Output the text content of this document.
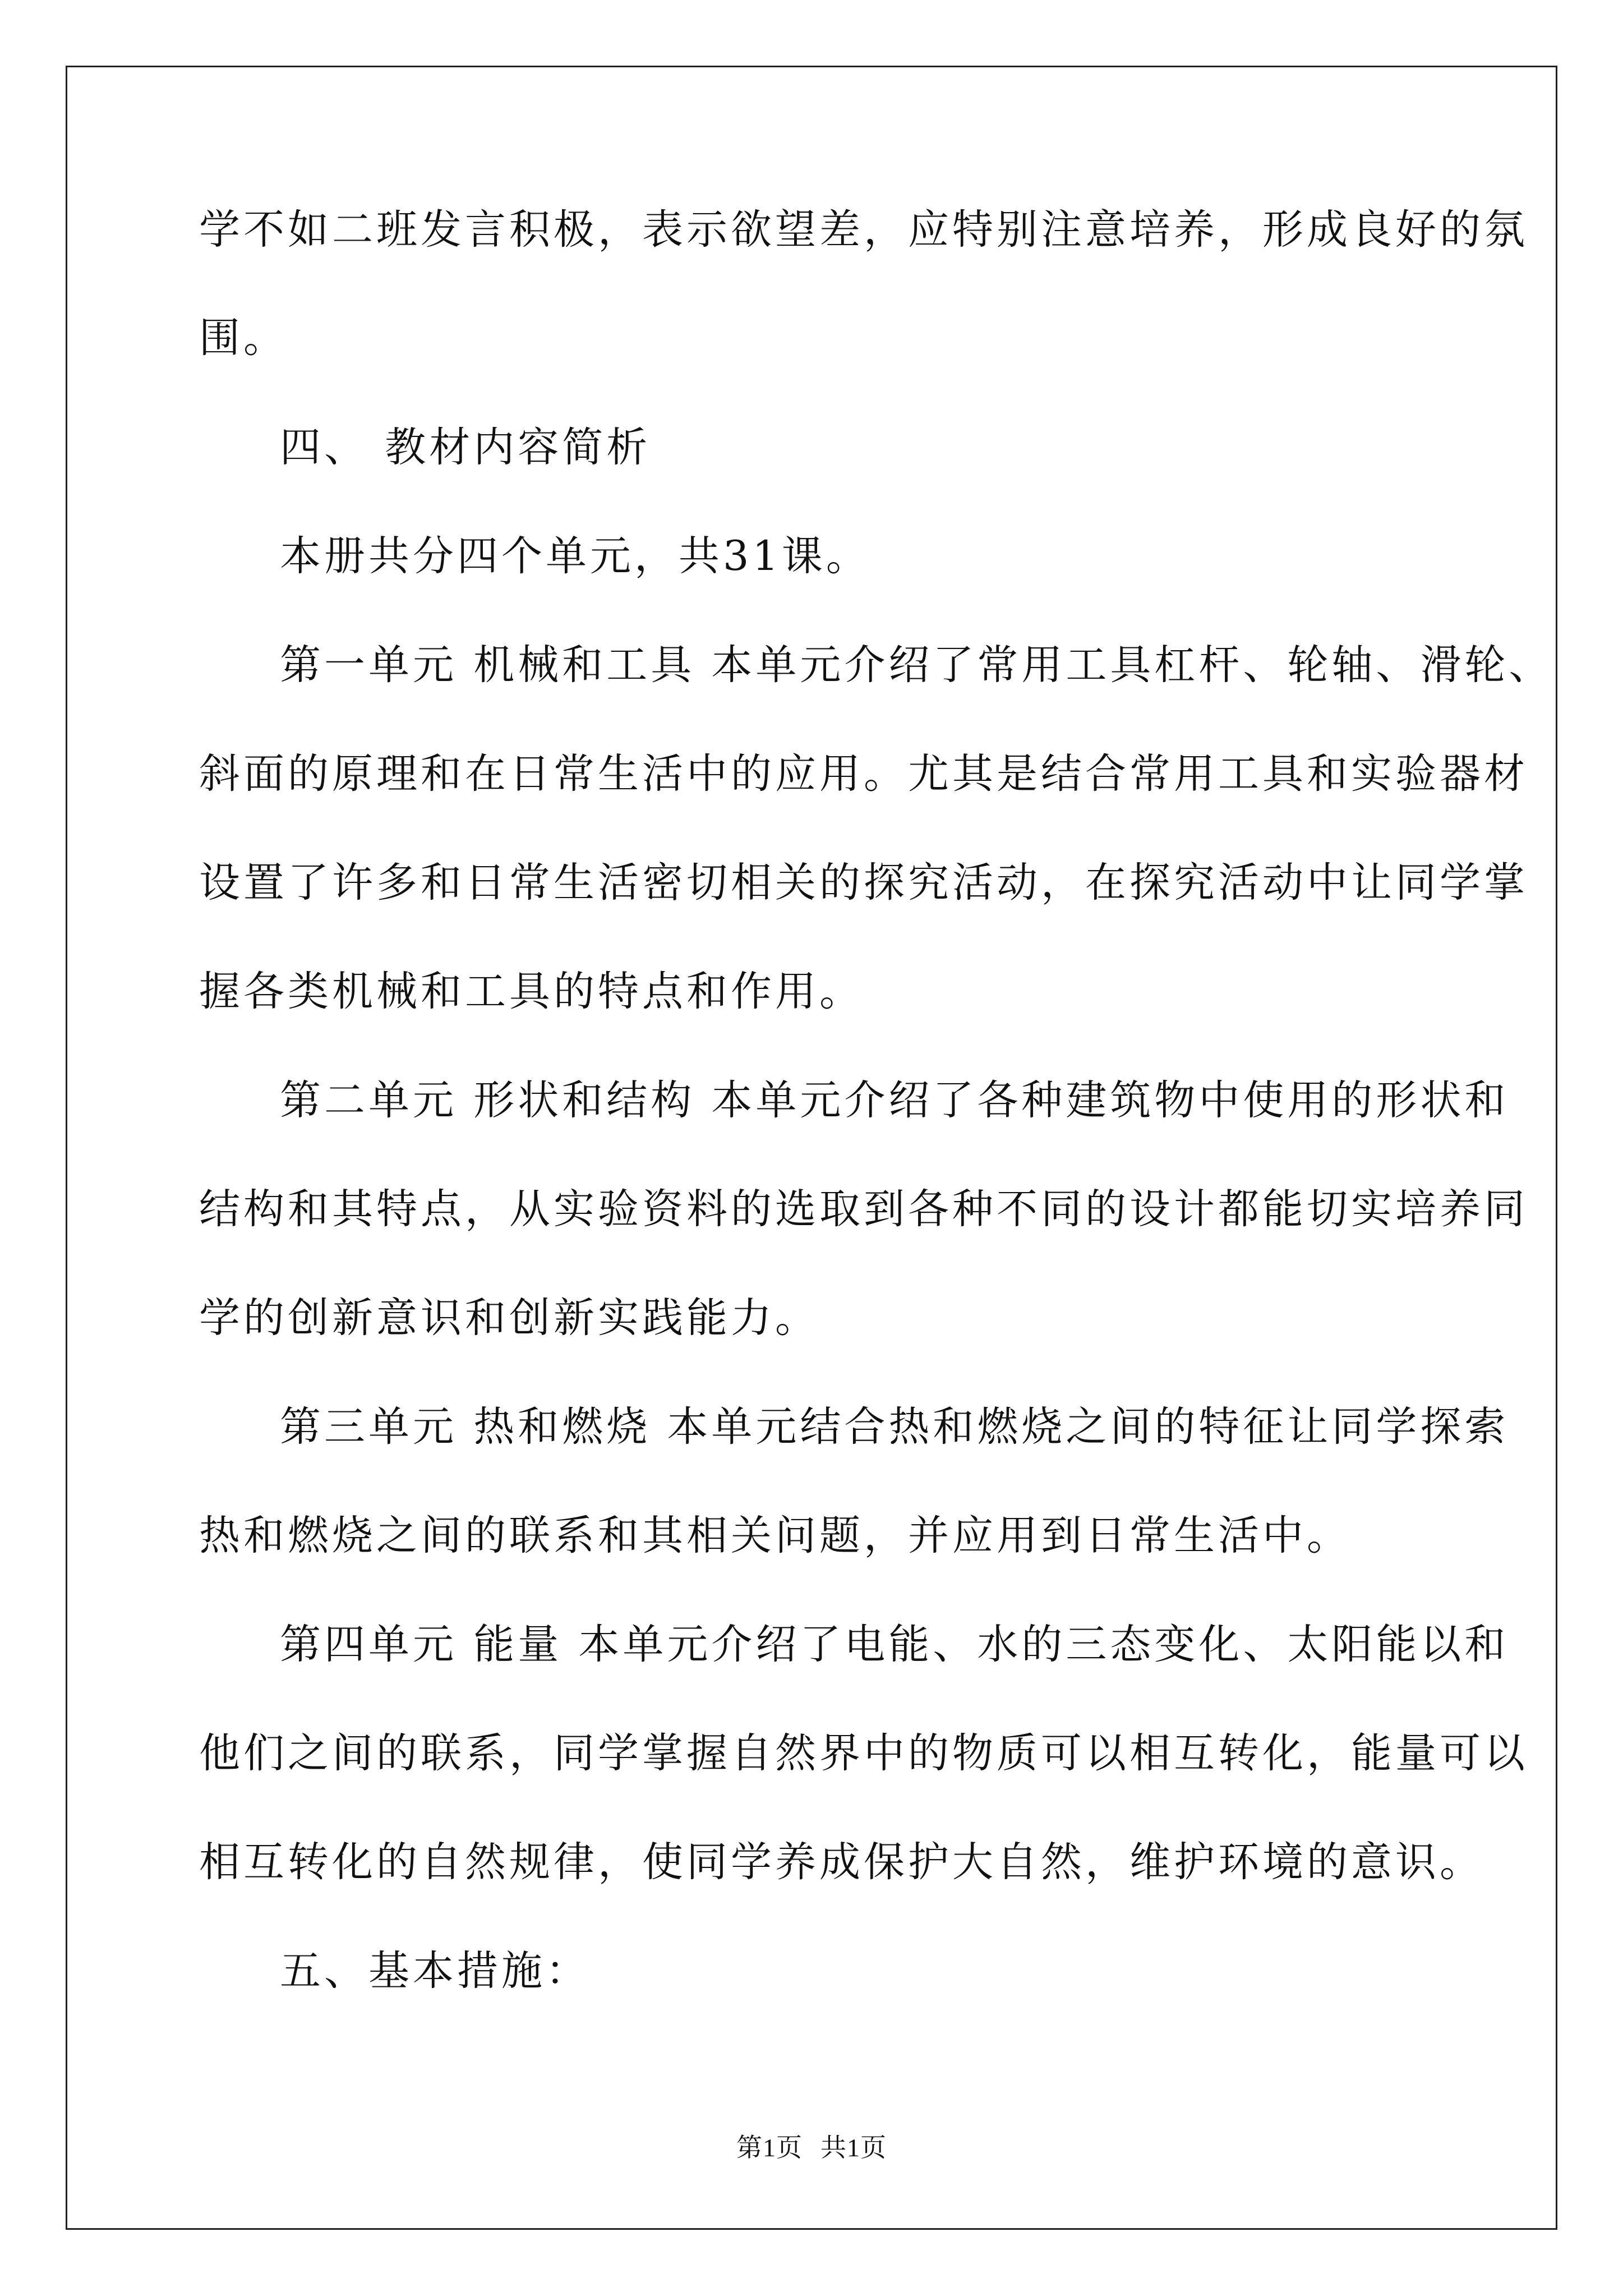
学不如二班发言积极，表示欲望差，应特别注意培养，形成良好的氛
围。
四、 教材内容简析
本册共分四个单元，共31课。
第一单元 机械和工具 本单元介绍了常用工具杠杆、轮轴、滑轮、
斜面的原理和在日常生活中的应用。尤其是结合常用工具和实验器材
设置了许多和日常生活密切相关的探究活动，在探究活动中让同学掌
握各类机械和工具的特点和作用。
第二单元 形状和结构 本单元介绍了各种建筑物中使用的形状和
结构和其特点，从实验资料的选取到各种不同的设计都能切实培养同
学的创新意识和创新实践能力。
第三单元 热和燃烧 本单元结合热和燃烧之间的特征让同学探索
热和燃烧之间的联系和其相关问题，并应用到日常生活中。
第四单元 能量 本单元介绍了电能、水的三态变化、太阳能以和
他们之间的联系，同学掌握自然界中的物质可以相互转化，能量可以
相互转化的自然规律，使同学养成保护大自然，维护环境的意识。
五、基本措施：
第1页 共1页
